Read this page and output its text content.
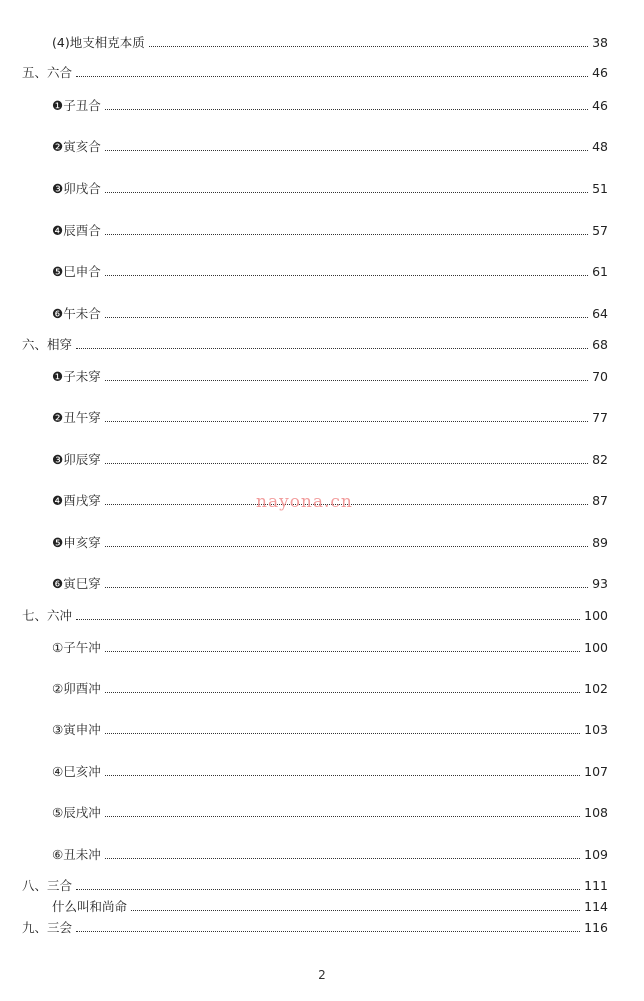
(4)地支相克本质	38
五、六合	46
❶子丑合	46
❷寅亥合	48
❸卯戌合	51
❹辰酉合	57
❺巳申合	61
❻午未合	64
六、相穿	68
❶子未穿	70
❷丑午穿	77
❸卯辰穿	82
❹酉戌穿	87
❺申亥穿	89
❻寅巳穿	93
七、六冲	100
①子午冲	100
②卯酉冲	102
③寅申冲	103
④巳亥冲	107
⑤辰戌冲	108
⑥丑未冲	109
八、三合	111
什么叫和尚命	114
九、三会	116
nayona.cn
2
